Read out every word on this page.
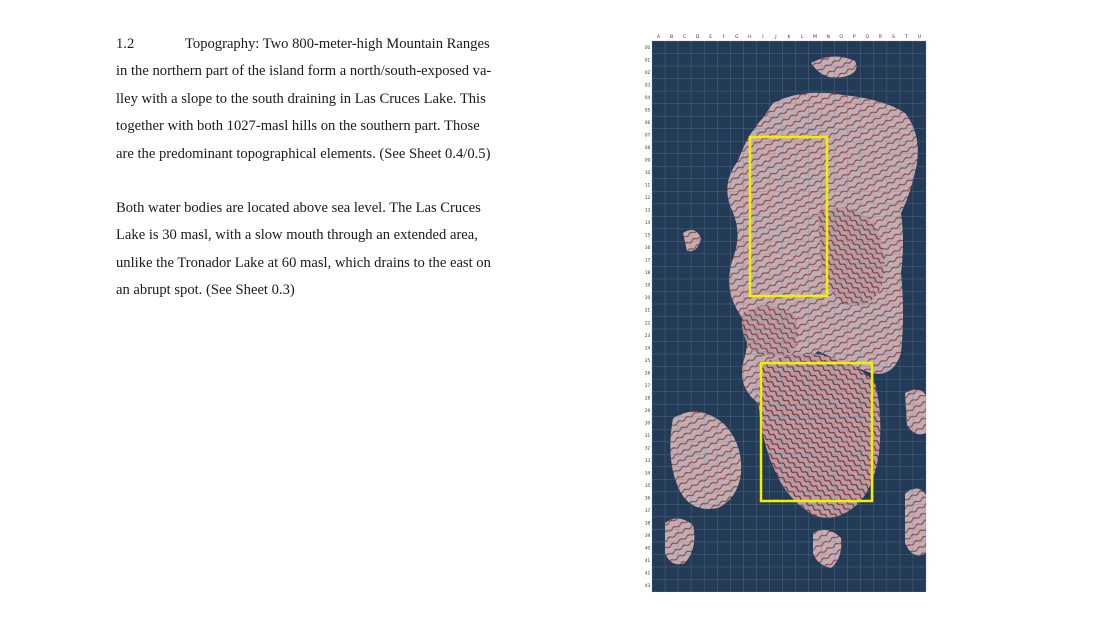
1.2	Topography: Two 800-meter-high Mountain Ranges
in the northern part of the island form a north/south-exposed va-
lley with a slope to the south draining in Las Cruces Lake. This
together with both 1027-masl hills on the southern part. Those
are the predominant topographical elements. (See Sheet 0.4/0.5)

Both water bodies are located above sea level. The Las Cruces
Lake is 30 masl, with a slow mouth through an extended area,
unlike the Tronador Lake at 60 masl, which drains to the east on
an abrupt spot. (See Sheet 0.3)

A B C D E F G H I	J K L M N O P Q R S T U
00
01
02
03
04
05
06
07
08
09
10
11
12
13
14
15
16
17
18
19
20
21
22
23
24
25
26
27
28
29
30
31
32
33
34
35
36
37
38
39
40
41
42
43
